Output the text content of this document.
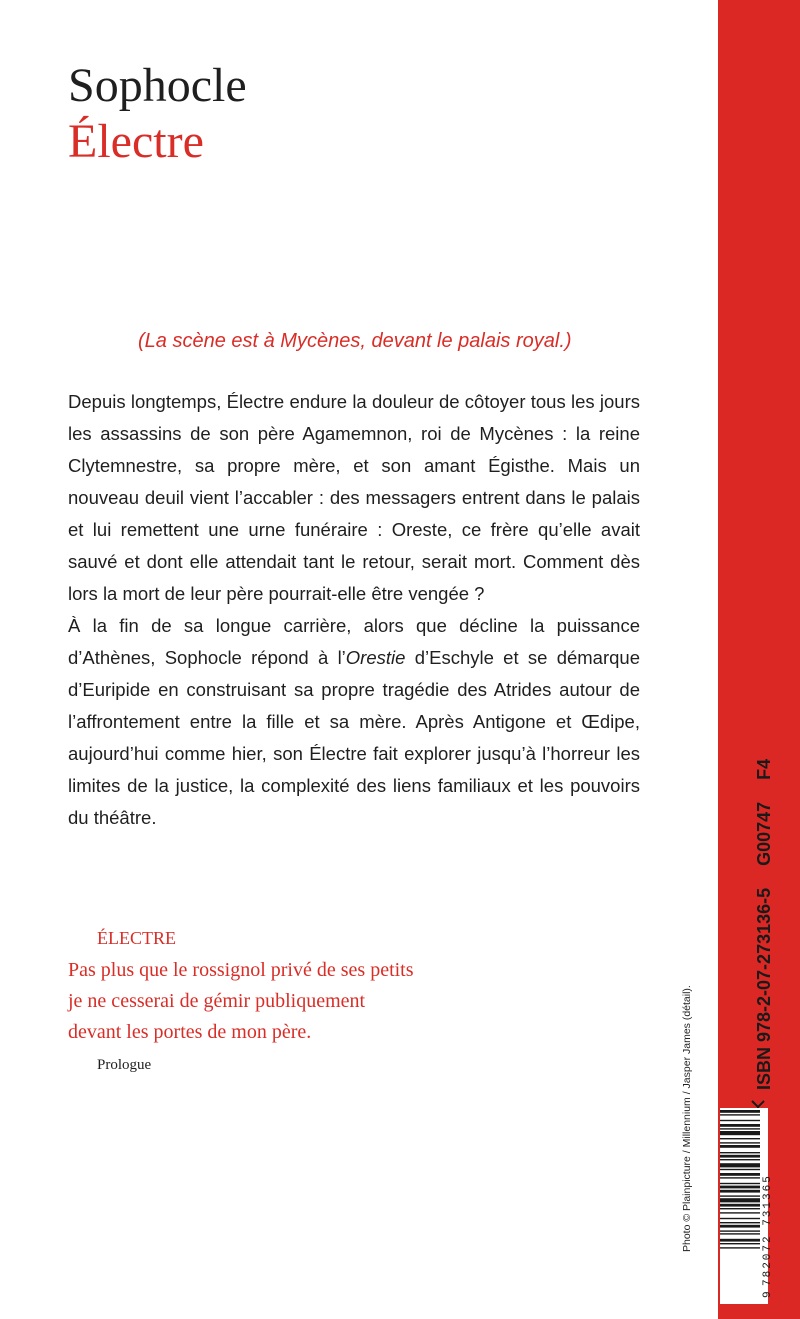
Sophocle
Électre
(La scène est à Mycènes, devant le palais royal.)

Depuis longtemps, Électre endure la douleur de côtoyer tous les jours les assassins de son père Agamemnon, roi de Mycènes : la reine Clytemnestre, sa propre mère, et son amant Égisthe. Mais un nouveau deuil vient l’accabler : des messagers entrent dans le palais et lui remettent une urne funéraire : Oreste, ce frère qu’elle avait sauvé et dont elle attendait tant le retour, serait mort. Comment dès lors la mort de leur père pourrait-elle être vengée ?

À la fin de sa longue carrière, alors que décline la puissance d’Athènes, Sophocle répond à l’Orestie d’Eschyle et se démarque d’Euripide en construisant sa propre tragédie des Atrides autour de l’affrontement entre la fille et sa mère. Après Antigone et Œdipe, aujourd’hui comme hier, son Électre fait explorer jusqu’à l’horreur les limites de la justice, la complexité des liens familiaux et les pouvoirs du théâtre.

ÉLECTRE
Pas plus que le rossignol privé de ses petits
je ne cesserai de gémir publiquement
devant les portes de mon père.
Prologue	Photo © Plainpicture / Millennium / Jasper James (détail).	ISBN 978-2-07-273136-5G00747F4
9
782072 731365
